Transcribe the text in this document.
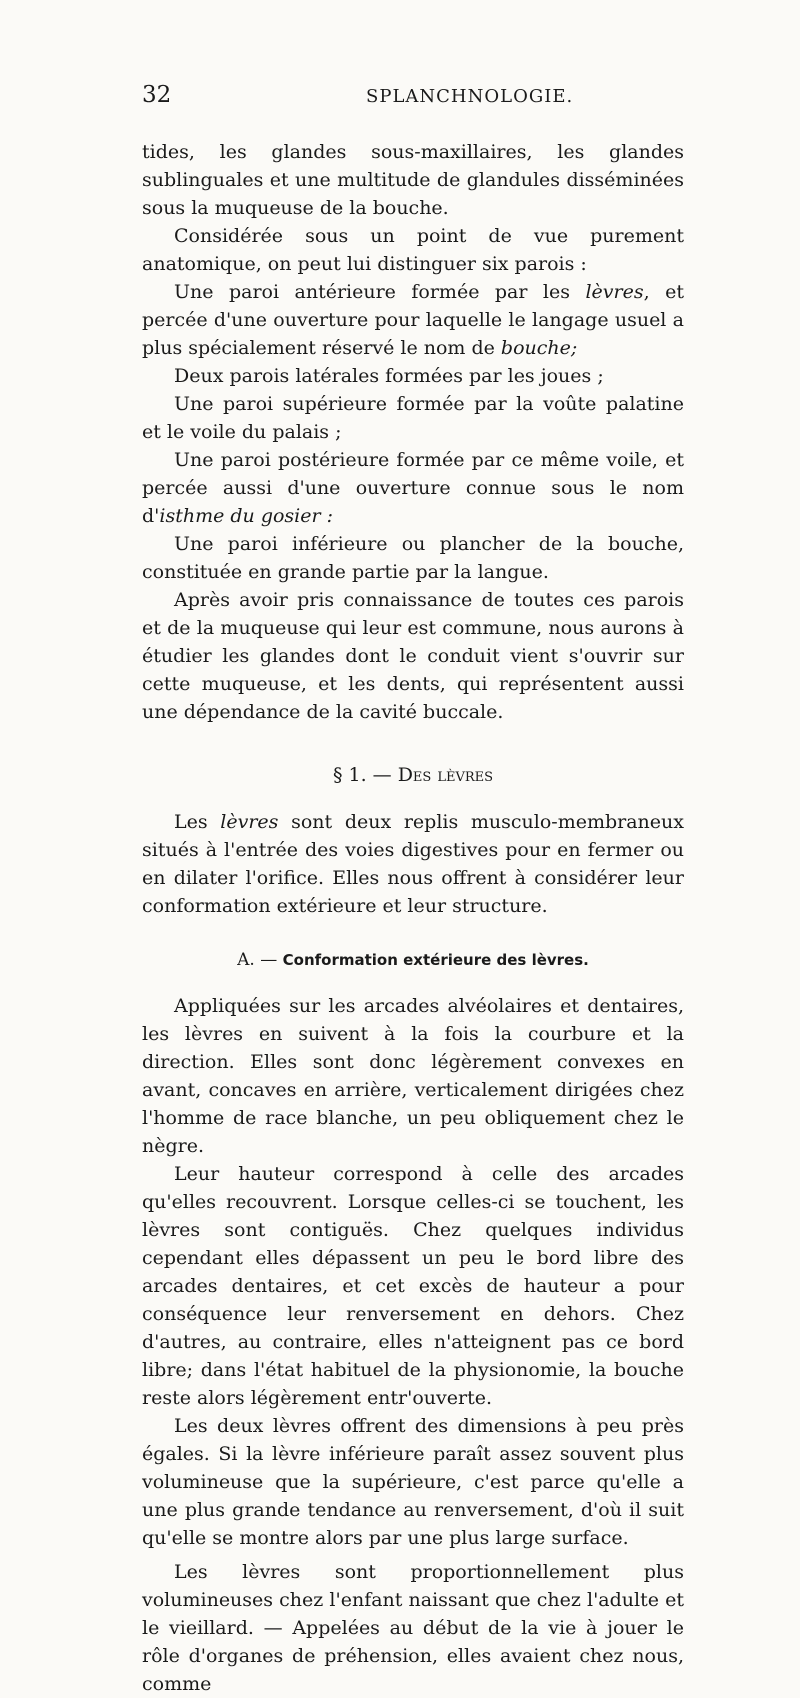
32	SPLANCHNOLOGIE.

tides, les glandes sous-maxillaires, les glandes sublinguales et une multitude de glandules disséminées sous la muqueuse de la bouche.

Considérée sous un point de vue purement anatomique, on peut lui distinguer six parois :

Une paroi antérieure formée par les lèvres, et percée d'une ouverture pour laquelle le langage usuel a plus spécialement réservé le nom de bouche;

Deux parois latérales formées par les joues ;

Une paroi supérieure formée par la voûte palatine et le voile du palais ;

Une paroi postérieure formée par ce même voile, et percée aussi d'une ouverture connue sous le nom d'isthme du gosier :

Une paroi inférieure ou plancher de la bouche, constituée en grande partie par la langue.

Après avoir pris connaissance de toutes ces parois et de la muqueuse qui leur est commune, nous aurons à étudier les glandes dont le conduit vient s'ouvrir sur cette muqueuse, et les dents, qui représentent aussi une dépendance de la cavité buccale.

§ 1. — Des lèvres

Les lèvres sont deux replis musculo-membraneux situés à l'entrée des voies digestives pour en fermer ou en dilater l'orifice. Elles nous offrent à considérer leur conformation extérieure et leur structure.

A. — Conformation extérieure des lèvres.

Appliquées sur les arcades alvéolaires et dentaires, les lèvres en suivent à la fois la courbure et la direction. Elles sont donc légèrement convexes en avant, concaves en arrière, verticalement dirigées chez l'homme de race blanche, un peu obliquement chez le nègre.

Leur hauteur correspond à celle des arcades qu'elles recouvrent. Lorsque celles-ci se touchent, les lèvres sont contiguës. Chez quelques individus cependant elles dépassent un peu le bord libre des arcades dentaires, et cet excès de hauteur a pour conséquence leur renversement en dehors. Chez d'autres, au contraire, elles n'atteignent pas ce bord libre; dans l'état habituel de la physionomie, la bouche reste alors légèrement entr'ouverte.

Les deux lèvres offrent des dimensions à peu près égales. Si la lèvre inférieure paraît assez souvent plus volumineuse que la supérieure, c'est parce qu'elle a une plus grande tendance au renversement, d'où il suit qu'elle se montre alors par une plus large surface.

Les lèvres sont proportionnellement plus volumineuses chez l'enfant naissant que chez l'adulte et le vieillard. — Appelées au début de la vie à jouer le rôle d'organes de préhension, elles avaient chez nous, comme
